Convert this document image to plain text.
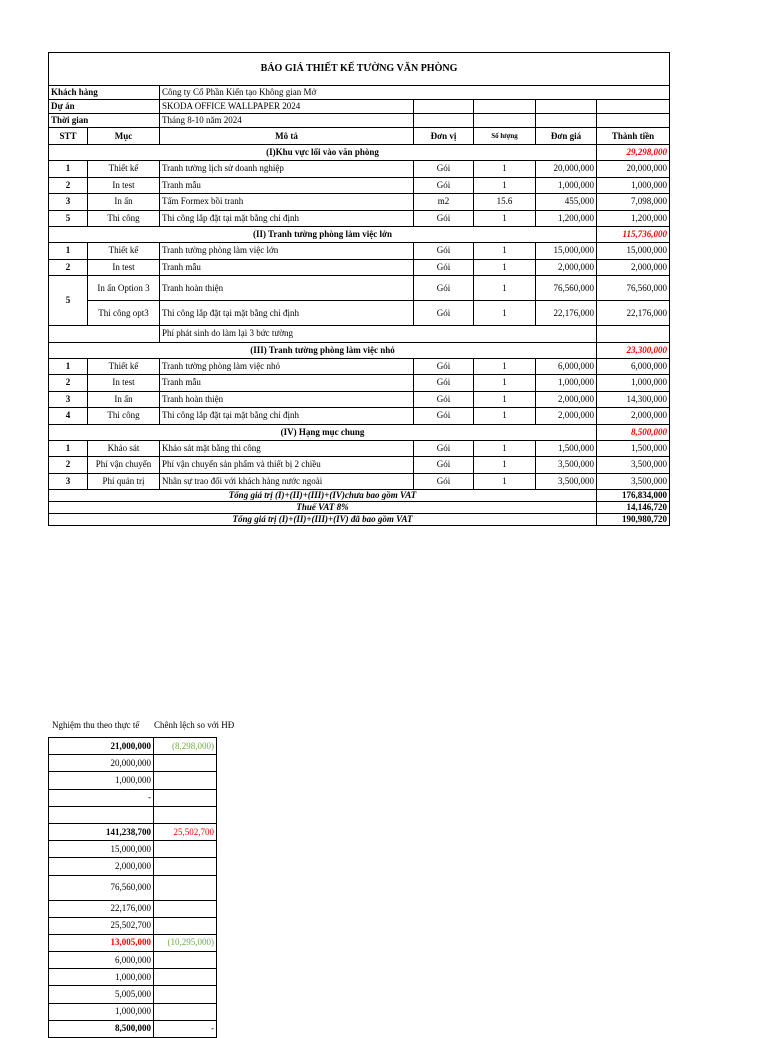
BÁO GIÁ THIẾT KẾ TƯỜNG VĂN PHÒNG						
Khách hàng		Công ty Cổ Phần Kiến tạo Không gian Mở				
Dự án		SKODA OFFICE WALLPAPER 2024				
Thời gian		Tháng 8-10 năm 2024				
STT	Mục	Mô tả	Đơn vị	Số lượng	Đơn giá	Thành tiền
(I)Khu vực lối vào văn phòng						29,298,000
1	Thiết kế	Tranh tường lịch sử doanh nghiệp	Gói	1	20,000,000	20,000,000
2	In test	Tranh mẫu	Gói	1	1,000,000	1,000,000
3	In ấn	Tấm Formex bồi tranh	m2	15.6	455,000	7,098,000
5	Thi công	Thi công lắp đặt tại mặt bằng chỉ định	Gói	1	1,200,000	1,200,000
(II) Tranh tường phòng làm việc lớn						115,736,000
1	Thiết kế	Tranh tường phòng làm việc lớn	Gói	1	15,000,000	15,000,000
2	In test	Tranh mẫu	Gói	1	2,000,000	2,000,000
5	In ấn Option 3	Tranh hoàn thiện	Gói	1	76,560,000	76,560,000
	Thi công opt3	Thi công lắp đặt tại mặt bằng chỉ định	Gói	1	22,176,000	22,176,000
		Phí phát sinh do làm lại 3 bức tường				
(III) Tranh tường phòng làm việc nhỏ						23,300,000
1	Thiết kế	Tranh tường phòng làm việc nhỏ	Gói	1	6,000,000	6,000,000
2	In test	Tranh mẫu	Gói	1	1,000,000	1,000,000
3	In ấn	Tranh hoàn thiện	Gói	1	2,000,000	14,300,000
4	Thi công	Thi công lắp đặt tại mặt bằng chỉ định	Gói	1	2,000,000	2,000,000
(IV) Hạng mục chung						8,500,000
1	Khảo sát	Khảo sát mặt bằng thi công	Gói	1	1,500,000	1,500,000
2	Phí vận chuyển	Phí vận chuyển sản phẩm và thiết bị 2 chiều	Gói	1	3,500,000	3,500,000
3	Phí quản trị	Nhân sự trao đổi với khách hàng nước ngoài	Gói	1	3,500,000	3,500,000
Tổng giá trị (I)+(II)+(III)+(IV)chưa bao gồm VAT						176,834,000
Thuế VAT 8%						14,146,720
Tổng giá trị (I)+(II)+(III)+(IV) đã bao gồm VAT						190,980,720
Nghiệm thu theo thực tế Chênh lệch so với HĐ
21,000,000	(8,298,000)
20,000,000	
1,000,000	
-	

141,238,700	25,502,700
15,000,000	
2,000,000	
76,560,000	
22,176,000	
25,502,700	
13,005,000	(10,295,000)
6,000,000	
1,000,000	
5,005,000	
1,000,000	
8,500,000	-
